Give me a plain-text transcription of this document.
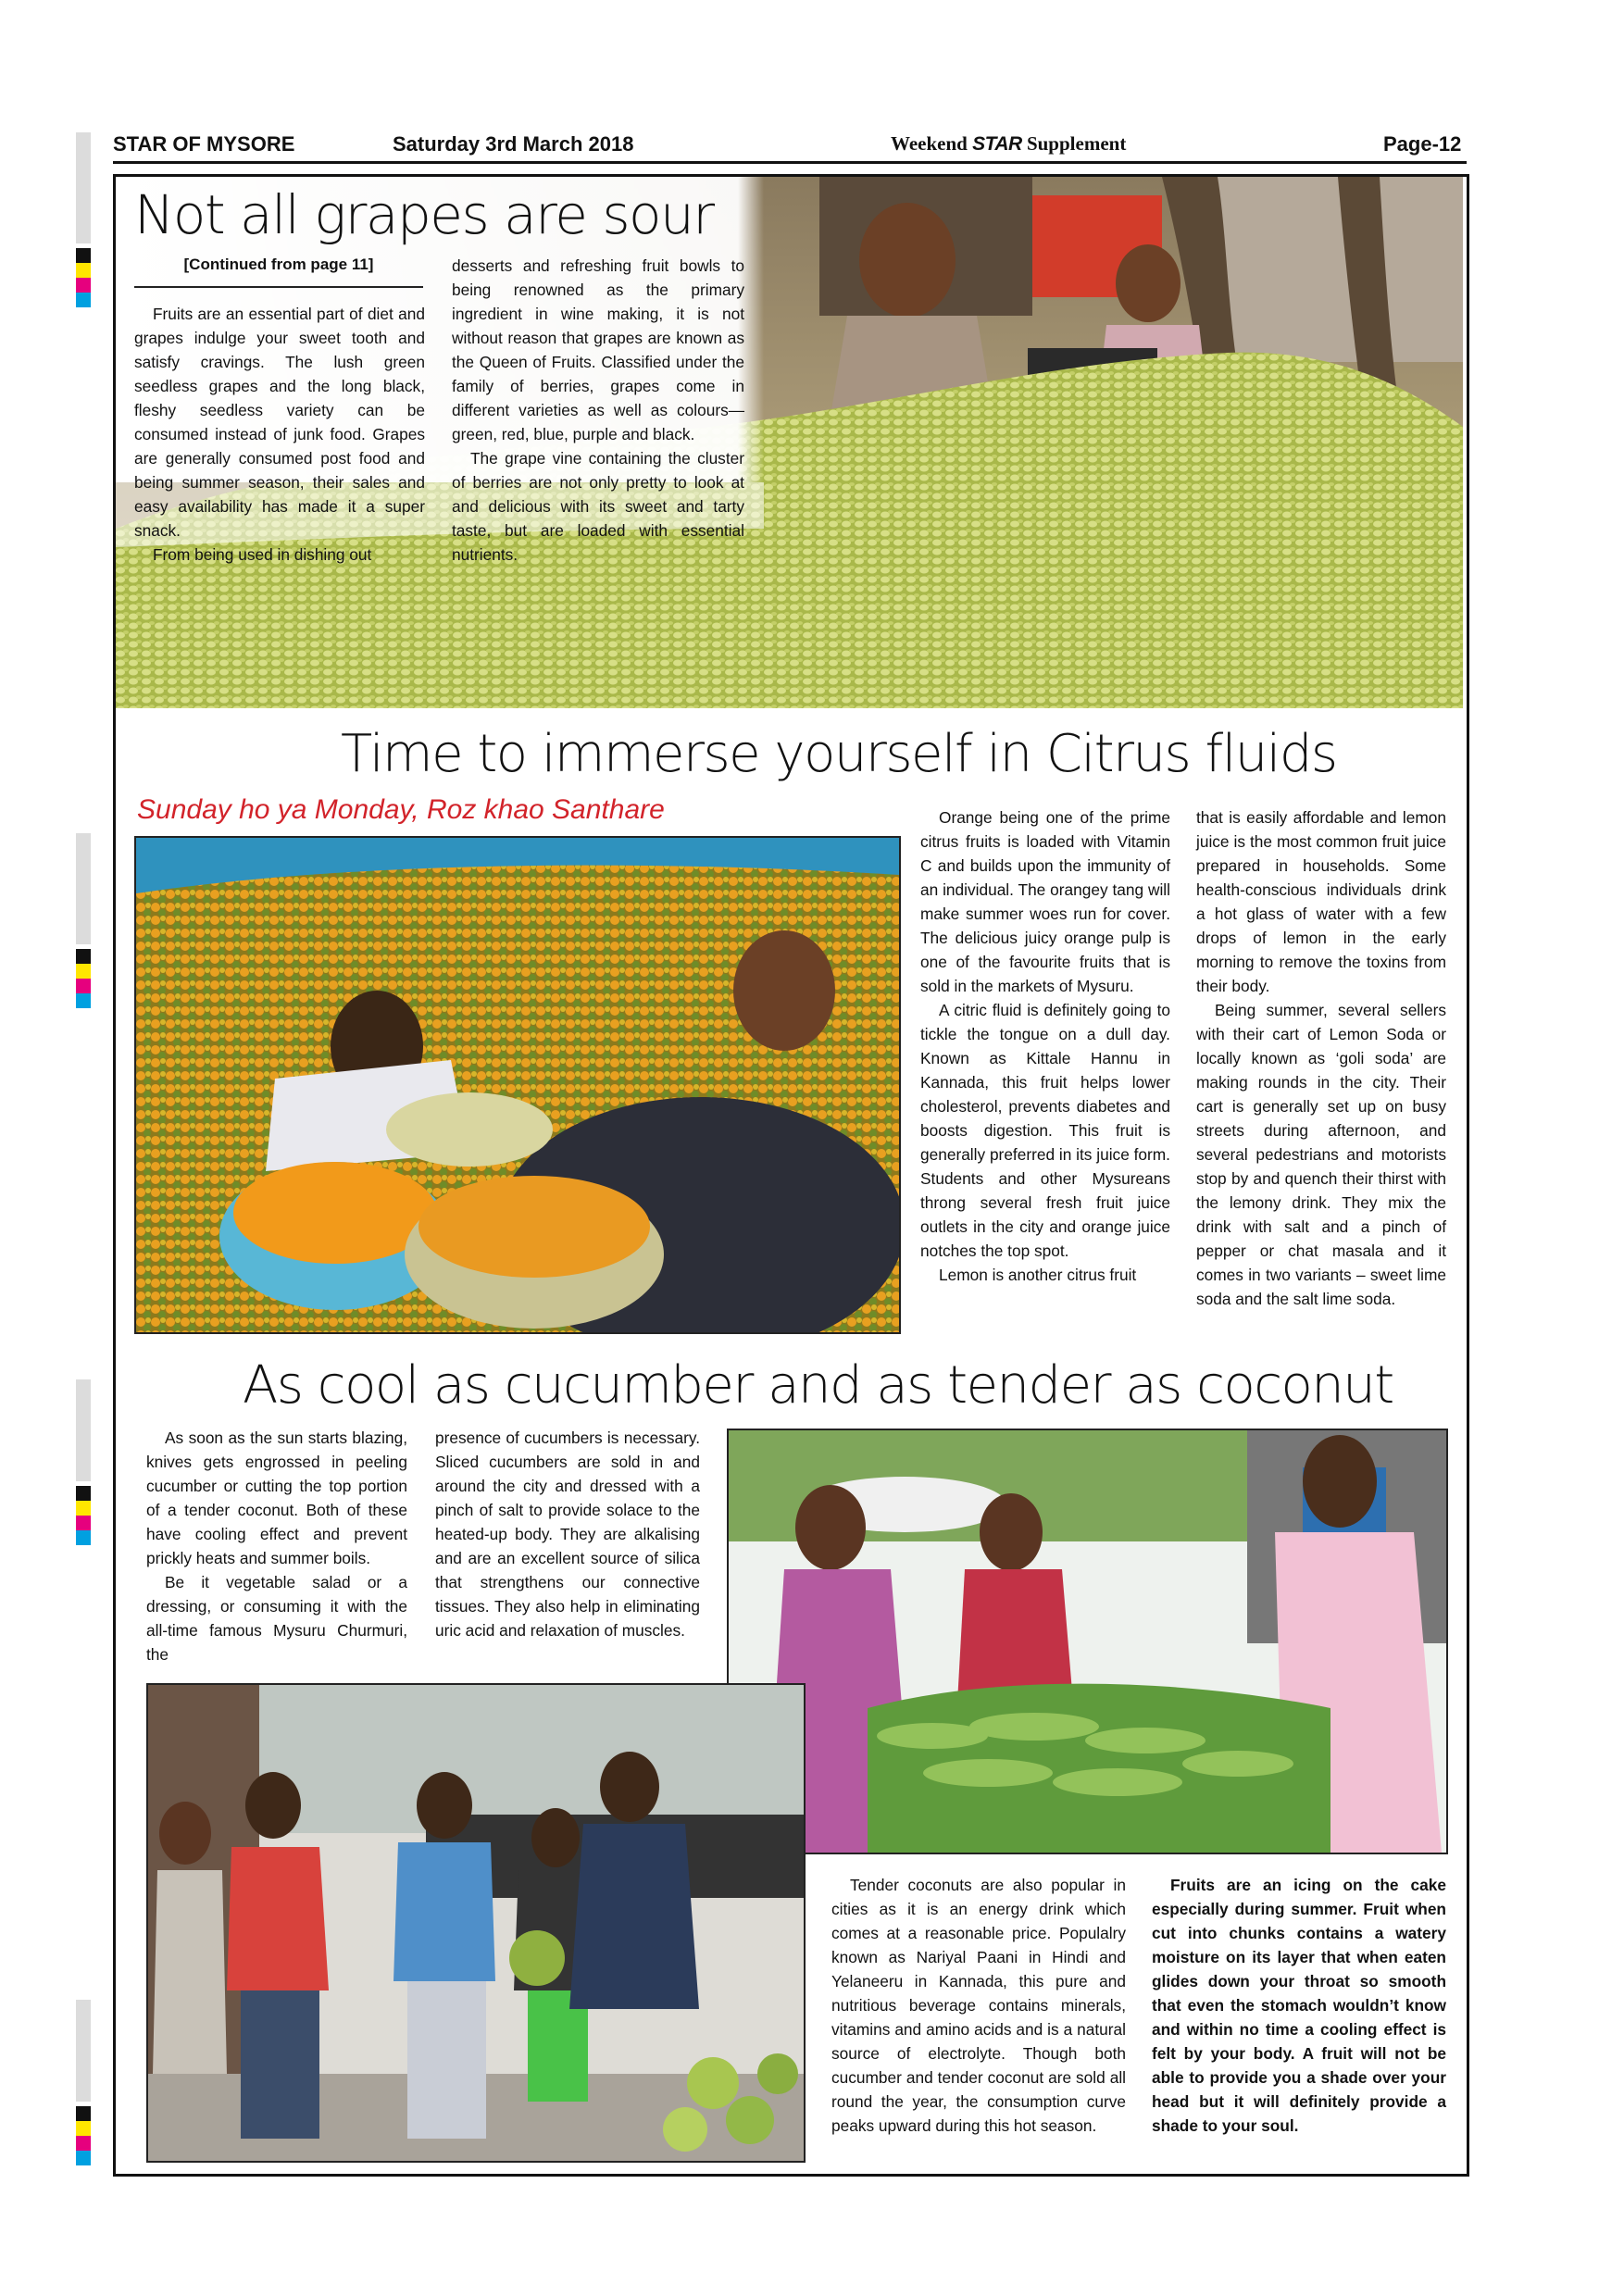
STAR OF MYSORE	Saturday 3rd March 2018	Weekend STAR Supplement	Page-12
Not all grapes are sour
[Continued from page 11]

Fruits are an essential part of diet and grapes indulge your sweet tooth and satisfy cravings. The lush green seedless grapes and the long black, fleshy seedless variety can be consumed instead of junk food. Grapes are generally consumed post food and being summer season, their sales and easy availability has made it a super snack.

From being used in dishing out

desserts and refreshing fruit bowls to being renowned as the primary ingredient in wine making, it is not without reason that grapes are known as the Queen of Fruits. Classified under the family of berries, grapes come in different varieties as well as colours—green, red, blue, purple and black.

The grape vine containing the cluster of berries are not only pretty to look at and delicious with its sweet and tarty taste, but are loaded with essential nutrients.

Time to immerse yourself in Citrus fluids
Sunday ho ya Monday, Roz khao Santhare	Orange being one of the prime citrus fruits is loaded with Vitamin C and builds upon the immunity of an individual. The orangey tang will make summer woes run for cover. The delicious juicy orange pulp is one of the favourite fruits that is sold in the markets of Mysuru.

A citric fluid is definitely going to tickle the tongue on a dull day. Known as Kittale Hannu in Kannada, this fruit helps lower cholesterol, prevents diabetes and boosts digestion. This fruit is generally preferred in its juice form. Students and other Mysureans throng several fresh fruit juice outlets in the city and orange juice notches the top spot.

Lemon is another citrus fruit

that is easily affordable and lemon juice is the most common fruit juice prepared in households. Some health-conscious individuals drink a hot glass of water with a few drops of lemon in the early morning to remove the toxins from their body.

Being summer, several sellers with their cart of Lemon Soda or locally known as ‘goli soda’ are making rounds in the city. Their cart is generally set up on busy streets during afternoon, and several pedestrians and motorists stop by and quench their thirst with the lemony drink. They mix the drink with salt and a pinch of pepper or chat masala and it comes in two variants – sweet lime soda and the salt lime soda.

As cool as cucumber and as tender as coconut

As soon as the sun starts blazing, knives gets engrossed in peeling cucumber or cutting the top portion of a tender coconut. Both of these have cooling effect and prevent prickly heats and summer boils.

Be it vegetable salad or a dressing, or consuming it with the all-time famous Mysuru Churmuri, the

presence of cucumbers is necessary. Sliced cucumbers are sold in and around the city and dressed with a pinch of salt to provide solace to the heated-up body. They are alkalising and are an excellent source of silica that strengthens our connective tissues. They also help in eliminating uric acid and relaxation of muscles.

Tender coconuts are also popular in cities as it is an energy drink which comes at a reasonable price. Populalry known as Nariyal Paani in Hindi and Yelaneeru in Kannada, this pure and nutritious beverage contains minerals, vitamins and amino acids and is a natural source of electrolyte. Though both cucumber and tender coconut are sold all round the year, the consumption curve peaks upward during this hot season.

Fruits are an icing on the cake especially during summer. Fruit when cut into chunks contains a watery moisture on its layer that when eaten glides down your throat so smooth that even the stomach wouldn’t know and within no time a cooling effect is felt by your body. A fruit will not be able to provide you a shade over your head but it will definitely provide a shade to your soul.
